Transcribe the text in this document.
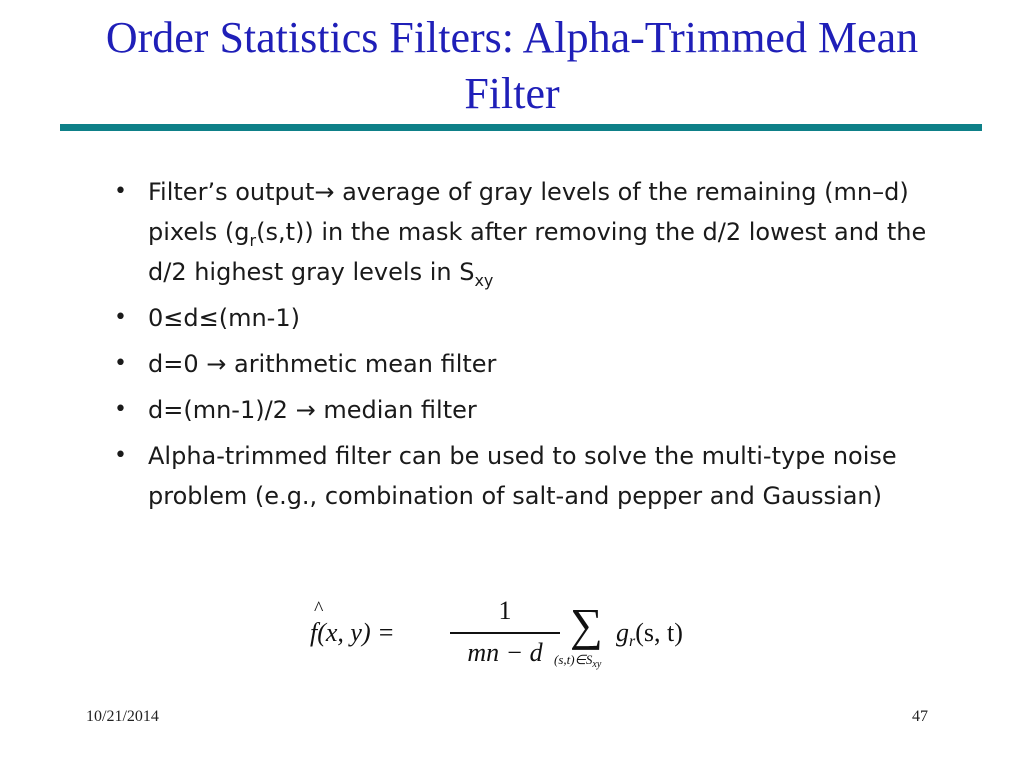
Order Statistics Filters: Alpha-Trimmed Mean
Filter
• Filter’s output→ average of gray levels of the remaining (mn–d) pixels $(g_r(s,t))$ in the mask after removing the d/2 lowest and the d/2 highest gray levels in $S_{xy}$
• 0≤d≤(mn-1)
• d=0 → arithmetic mean filter
• d=(mn-1)/2 → median filter
• Alpha-trimmed filter can be used to solve the multi-type noise problem (e.g., combination of salt-and pepper and Gaussian)
^ f(x, y) =
1
mn − d
∑
$(s,t)\in S_{xy}$
$g_r(s$, t)
10/21/2014	47
